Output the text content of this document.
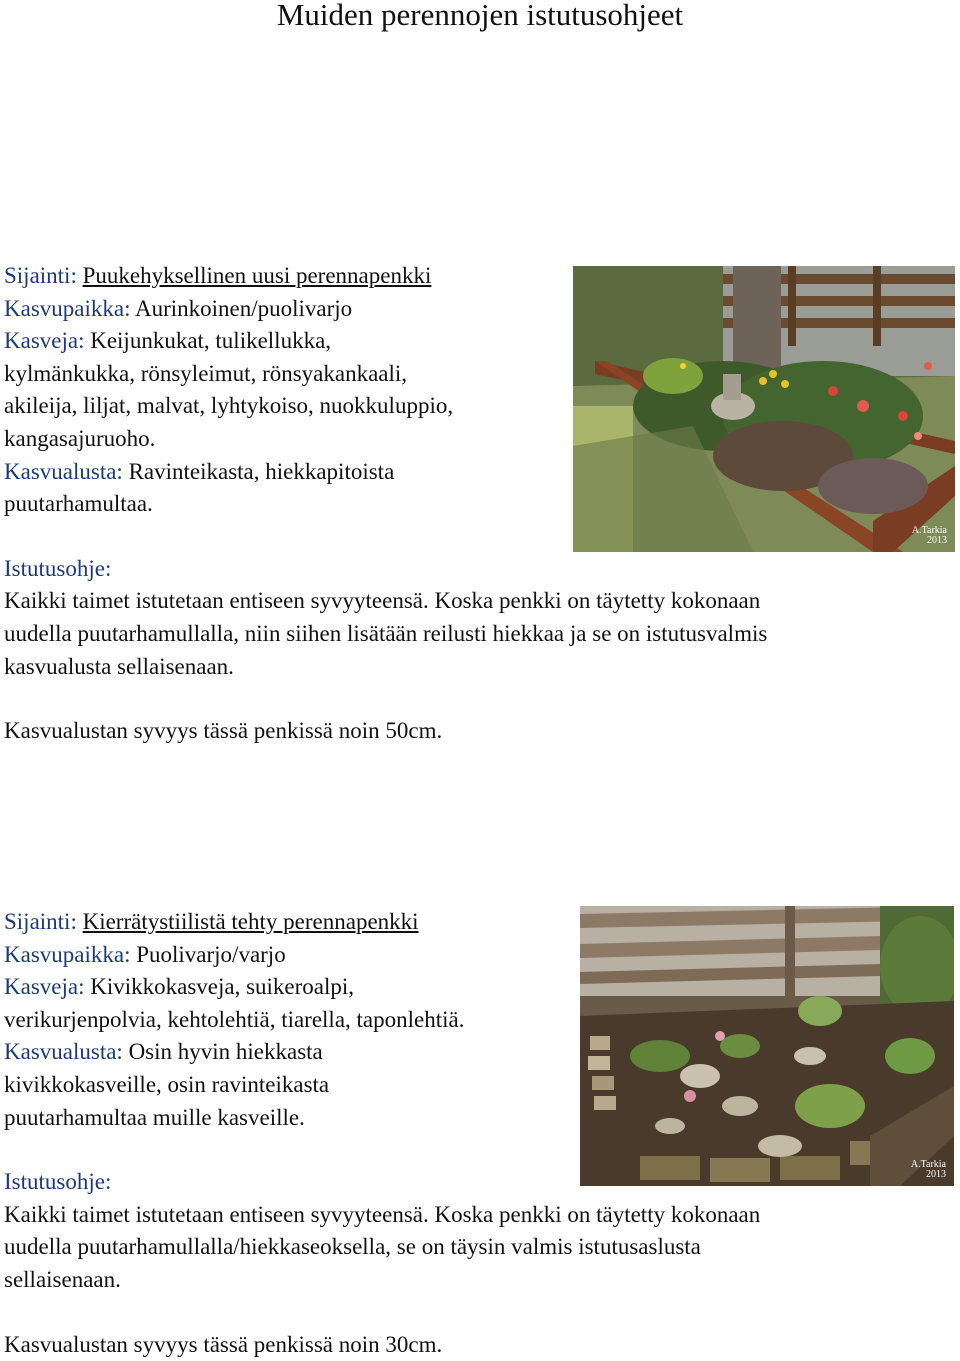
Muiden perennojen istutusohjeet

Sijainti: Puukehyksellinen uusi perennapenkki

Kasvupaikka: Aurinkoinen/puolivarjo

Kasveja: Keijunkukat, tulikellukka,

kylmänkukka, rönsyleimut, rönsyakankaali,

akileija, liljat, malvat, lyhtykoiso, nuokkuluppio,

kangasajuruoho.

Kasvualusta: Ravinteikasta, hiekkapitoista

puutarhamultaa.

Istutusohje:

Kaikki taimet istutetaan entiseen syvyyteensä. Koska penkki on täytetty kokonaan

uudella puutarhamullalla, niin siihen lisätään reilusti hiekkaa ja se on istutusvalmis

kasvualusta sellaisenaan.

Kasvualustan syvyys tässä penkissä noin 50cm.

A.Tarkia
2013

Sijainti: Kierrätystiilistä tehty perennapenkki

Kasvupaikka: Puolivarjo/varjo

Kasveja: Kivikkokasveja, suikeroalpi,

verikurjenpolvia, kehtolehtiä, tiarella, taponlehtiä.

Kasvualusta: Osin hyvin hiekkasta

kivikkokasveille, osin ravinteikasta

puutarhamultaa muille kasveille.

Istutusohje:

Kaikki taimet istutetaan entiseen syvyyteensä. Koska penkki on täytetty kokonaan

uudella puutarhamullalla/hiekkaseoksella, se on täysin valmis istutusaslusta

sellaisenaan.

Kasvualustan syvyys tässä penkissä noin 30cm.

A.Tarkia
2013
